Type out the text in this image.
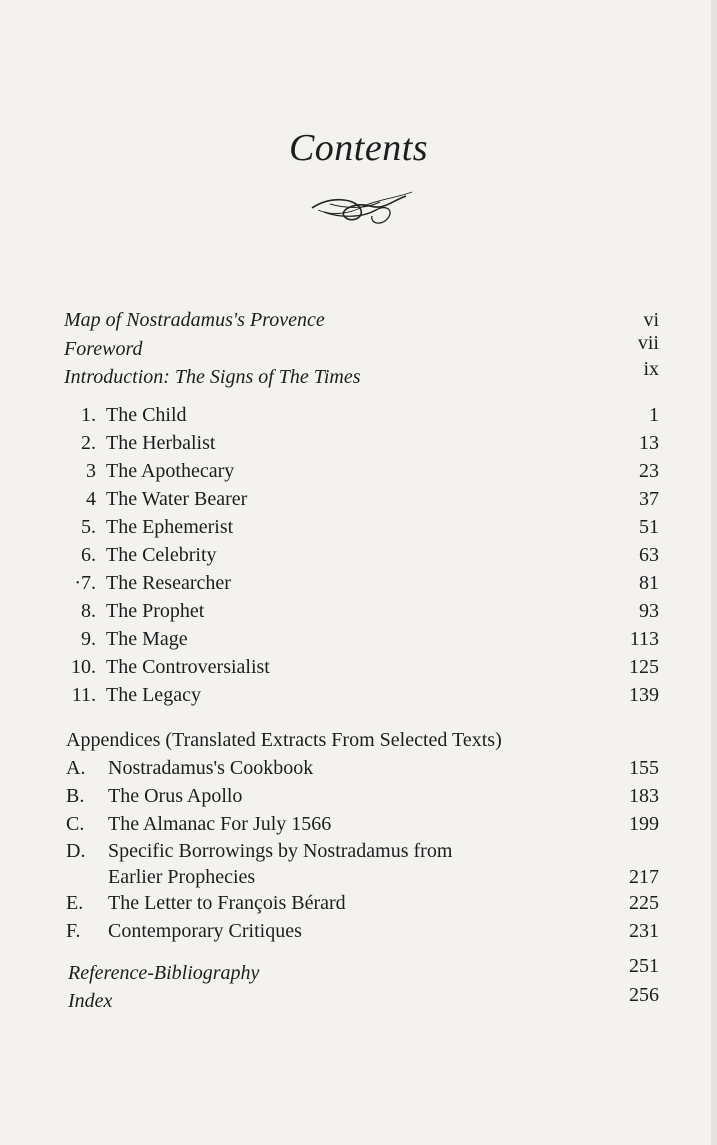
Contents
Map of Nostradamus's Provence	vi
Foreword	vii
Introduction: The Signs of The Times	ix
1. The Child	1
2. The Herbalist	13
3 The Apothecary	23
4 The Water Bearer	37
5. The Ephemerist	51
6. The Celebrity	63
·7. The Researcher	81
8. The Prophet	93
9. The Mage	113
10. The Controversialist	125
11. The Legacy	139
Appendices (Translated Extracts From Selected Texts)
A. Nostradamus's Cookbook	155
B. The Orus Apollo	183
C. The Almanac For July 1566	199
D. Specific Borrowings by Nostradamus from
Earlier Prophecies	217
E. The Letter to François Bérard	225
F. Contemporary Critiques	231
Reference-Bibliography	251
Index	256
